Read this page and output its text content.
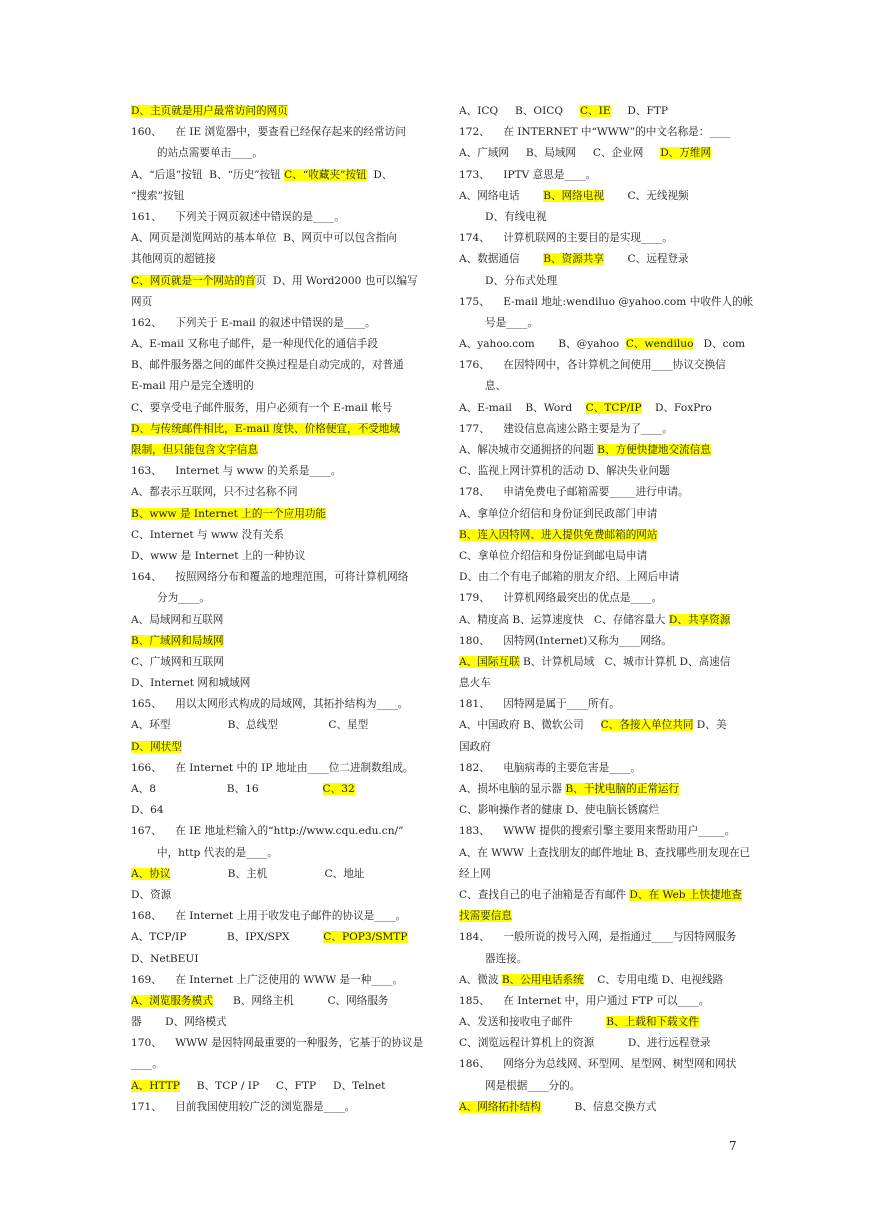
D、主页就是用户最常访问的网页
160、    在 IE 浏览器中，要查看已经保存起来的经常访问
的站点需要单击____。
A、“后退”按钮  B、“历史”按钮 C、“收藏夹”按钮  D、
“搜索”按钮
161、    下列关于网页叙述中错误的是____。
A、网页是浏览网站的基本单位  B、网页中可以包含指向
其他网页的超链接
C、网页就是一个网站的首页  D、用 Word2000 也可以编写
网页
162、    下列关于 E-mail 的叙述中错误的是____。
A、E-mail 又称电子邮件，是一种现代化的通信手段
B、邮件服务器之间的邮件交换过程是自动完成的，对普通
E-mail 用户是完全透明的
C、要享受电子邮件服务，用户必须有一个 E-mail 帐号
D、与传统邮件相比，E-mail 度快、价格便宜，不受地域
限制，但只能包含文字信息
163、    Internet 与 www 的关系是____。
A、都表示互联网，只不过名称不同
B、www 是 Internet 上的一个应用功能
C、Internet 与 www 没有关系
D、www 是 Internet 上的一种协议
164、    按照网络分布和覆盖的地理范围，可将计算机网络
分为____。
A、局域网和互联网
B、广域网和局域网
C、广域网和互联网
D、Internet 网和城域网
165、    用以太网形式构成的局域网，其拓扑结构为____。
A、环型                 B、总线型               C、星型
D、网状型
166、    在 Internet 中的 IP 地址由____位二进制数组成。
A、8                     B、16                   C、32
D、64
167、    在 IE 地址栏输入的“http://www.cqu.edu.cn/”
中，http 代表的是____。
A、协议                 B、主机                 C、地址
D、资源
168、    在 Internet 上用于收发电子邮件的协议是____。
A、TCP/IP            B、IPX/SPX          C、POP3/SMTP
D、NetBEUI
169、    在 Internet 上广泛使用的 WWW 是一种____。
A、浏览服务模式      B、网络主机          C、网络服务
器       D、网络模式
170、    WWW 是因特网最重要的一种服务，它基于的协议是
____。
A、HTTP     B、TCP / IP     C、FTP     D、Telnet
171、    目前我国使用较广泛的浏览器是____。
A、ICQ     B、OICQ     C、IE     D、FTP
172、    在 INTERNET 中“WWW”的中文名称是：____
A、广域网     B、局域网     C、企业网     D、万维网
173、    IPTV 意思是____。
A、网络电话       B、网络电视       C、无线视频
D、有线电视
174、    计算机联网的主要目的是实现____。
A、数据通信       B、资源共享       C、远程登录
D、分布式处理
175、    E-mail 地址:wendiluo @yahoo.com 中收件人的帐
号是____。
A、yahoo.com       B、@yahoo  C、wendiluo   D、com
176、    在因特网中，各计算机之间使用____协议交换信
息、
A、E-mail    B、Word    C、TCP/IP    D、FoxPro
177、    建设信息高速公路主要是为了____。
A、解决城市交通拥挤的问题 B、方便快捷地交流信息
C、监视上网计算机的活动 D、解决失业问题
178、    申请免费电子邮箱需要_____进行申请。
A、拿单位介绍信和身份证到民政部门申请
B、连入因特网、进入提供免费邮箱的网站
C、拿单位介绍信和身份证到邮电局申请
D、由二个有电子邮箱的朋友介绍、上网后申请
179、    计算机网络最突出的优点是____。
A、精度高 B、运算速度快   C、存储容量大 D、共享资源
180、    因特网(Internet)又称为____网络。
A、国际互联 B、计算机局域   C、城市计算机 D、高速信
息火车
181、    因特网是属于____所有。
A、中国政府 B、微软公司     C、各接入单位共同 D、美
国政府
182、    电脑病毒的主要危害是____。
A、损坏电脑的显示器 B、干扰电脑的正常运行
C、影响操作者的健康 D、使电脑长锈腐烂
183、    WWW 提供的搜索引擎主要用来帮助用户_____。
A、在 WWW 上查找朋友的邮件地址 B、查找哪些朋友现在已
经上网
C、查找自己的电子油箱是否有邮件 D、在 Web 上快捷地查
找需要信息
184、    一般所说的拨号入网，是指通过____与因特网服务
器连接。
A、微波 B、公用电话系统    C、专用电缆 D、电视线路
185、    在 Internet 中，用户通过 FTP 可以____。
A、发送和接收电子邮件          B、上载和下载文件
C、浏览远程计算机上的资源          D、进行远程登录
186、    网络分为总线网、环型网、星型网、树型网和网状
网是根据____分的。
A、网络拓扑结构          B、信息交换方式
7
